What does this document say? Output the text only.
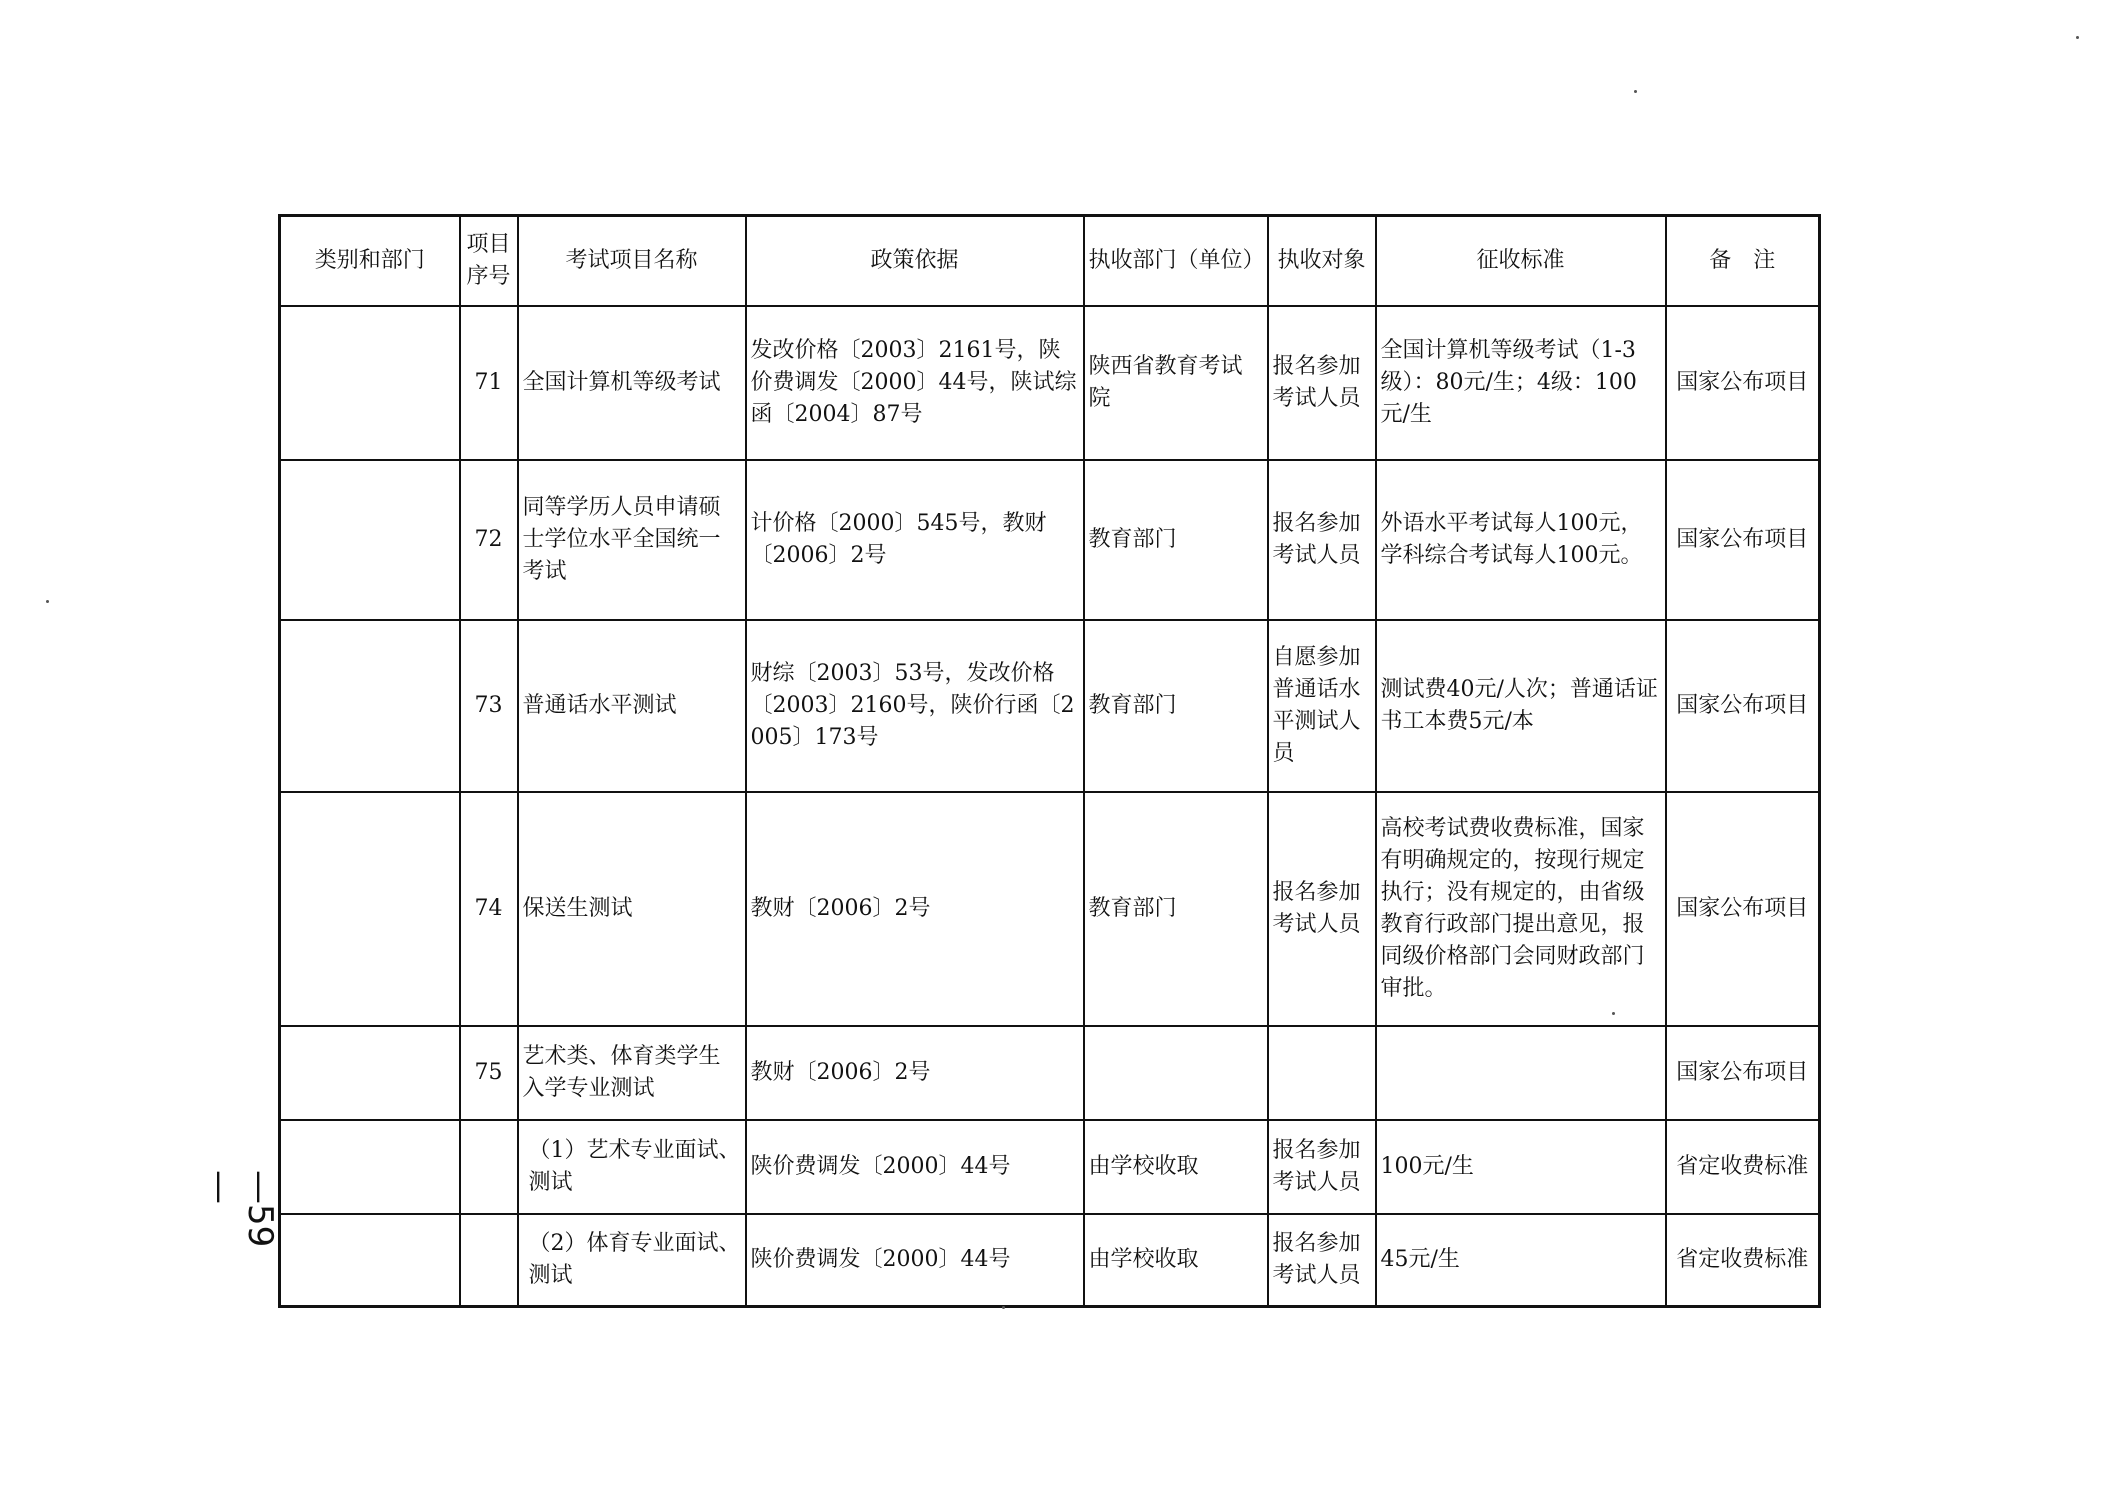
类别和部门	项目序号	考试项目名称	政策依据	执收部门（单位）	执收对象	征收标准	备　注
	71	全国计算机等级考试	发改价格〔2003〕2161号，陕价费调发〔2000〕44号，陕试综函〔2004〕87号	陕西省教育考试院	报名参加考试人员	全国计算机等级考试（1-3级）：80元/生；4级：100元/生	国家公布项目
	72	同等学历人员申请硕士学位水平全国统一考试	计价格〔2000〕545号，教财〔2006〕2号	教育部门	报名参加考试人员	外语水平考试每人100元，学科综合考试每人100元。	国家公布项目
	73	普通话水平测试	财综〔2003〕53号，发改价格〔2003〕2160号，陕价行函〔2005〕173号	教育部门	自愿参加普通话水平测试人员	测试费40元/人次；普通话证书工本费5元/本	国家公布项目
	74	保送生测试	教财〔2006〕2号	教育部门	报名参加考试人员	高校考试费收费标准，国家有明确规定的，按现行规定执行；没有规定的，由省级教育行政部门提出意见，报同级价格部门会同财政部门审批。	国家公布项目
	75	艺术类、体育类学生入学专业测试	教财〔2006〕2号				国家公布项目
		（1）艺术专业面试、测试	陕价费调发〔2000〕44号	由学校收取	报名参加考试人员	100元/生	省定收费标准
		（2）体育专业面试、测试	陕价费调发〔2000〕44号	由学校收取	报名参加考试人员	45元/生	省定收费标准
—59—
